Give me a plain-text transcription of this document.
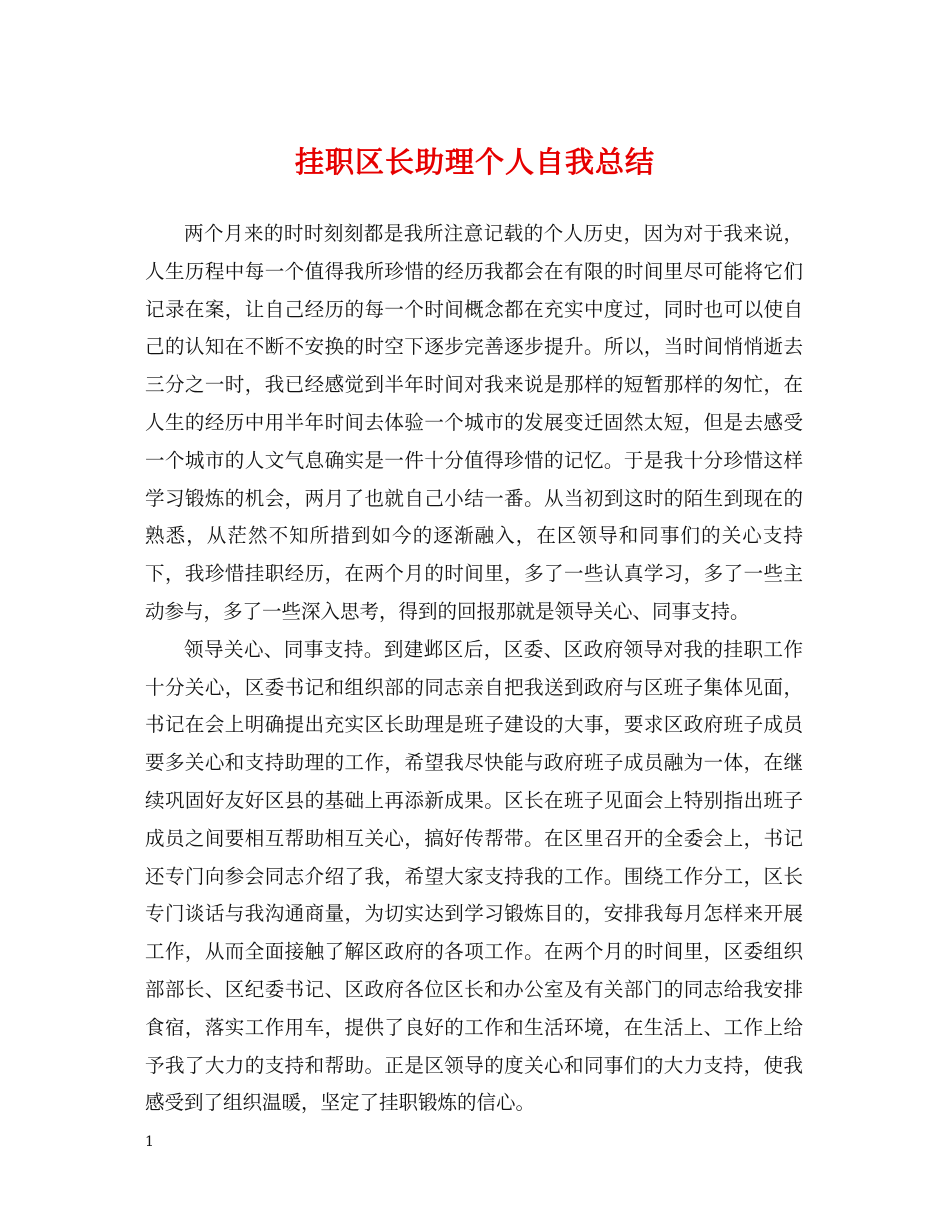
挂职区长助理个人自我总结

两个月来的时时刻刻都是我所注意记载的个人历史，因为对于我来说，人生历程中每一个值得我所珍惜的经历我都会在有限的时间里尽可能将它们记录在案，让自己经历的每一个时间概念都在充实中度过，同时也可以使自己的认知在不断不安换的时空下逐步完善逐步提升。所以，当时间悄悄逝去三分之一时，我已经感觉到半年时间对我来说是那样的短暂那样的匆忙，在人生的经历中用半年时间去体验一个城市的发展变迁固然太短，但是去感受一个城市的人文气息确实是一件十分值得珍惜的记忆。于是我十分珍惜这样学习锻炼的机会，两月了也就自己小结一番。从当初到这时的陌生到现在的熟悉，从茫然不知所措到如今的逐渐融入，在区领导和同事们的关心支持下，我珍惜挂职经历，在两个月的时间里，多了一些认真学习，多了一些主动参与，多了一些深入思考，得到的回报那就是领导关心、同事支持。

领导关心、同事支持。到建邺区后，区委、区政府领导对我的挂职工作十分关心，区委书记和组织部的同志亲自把我送到政府与区班子集体见面，书记在会上明确提出充实区长助理是班子建设的大事，要求区政府班子成员要多关心和支持助理的工作，希望我尽快能与政府班子成员融为一体，在继续巩固好友好区县的基础上再添新成果。区长在班子见面会上特别指出班子成员之间要相互帮助相互关心，搞好传帮带。在区里召开的全委会上，书记还专门向参会同志介绍了我，希望大家支持我的工作。围绕工作分工，区长专门谈话与我沟通商量，为切实达到学习锻炼目的，安排我每月怎样来开展工作，从而全面接触了解区政府的各项工作。在两个月的时间里，区委组织部部长、区纪委书记、区政府各位区长和办公室及有关部门的同志给我安排食宿，落实工作用车，提供了良好的工作和生活环境，在生活上、工作上给予我了大力的支持和帮助。正是区领导的度关心和同事们的大力支持，使我感受到了组织温暖，坚定了挂职锻炼的信心。

1
